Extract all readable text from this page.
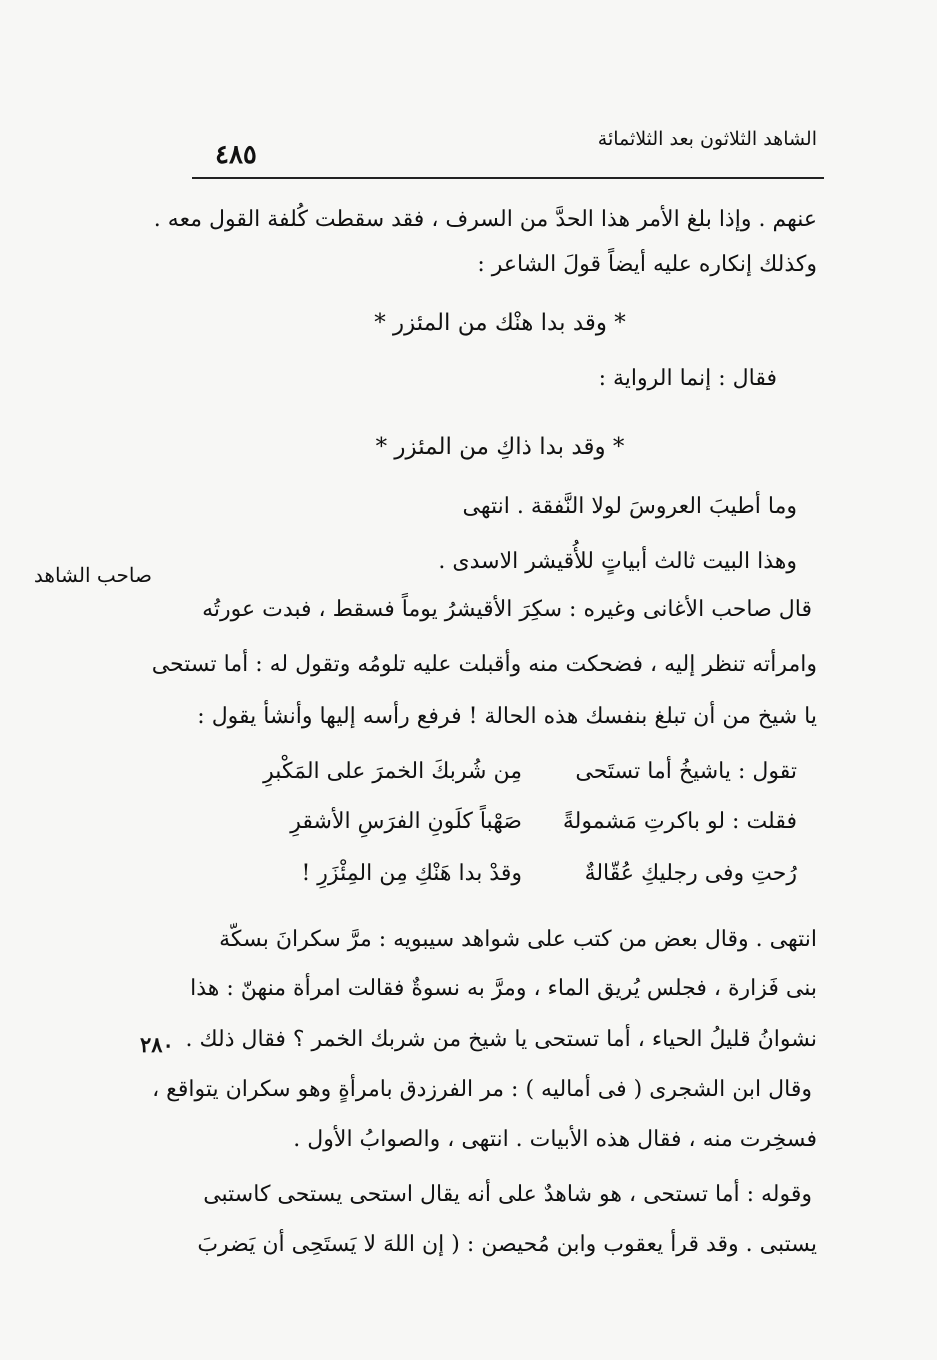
الشاهد الثلاثون بعد الثلاثمائة
٤٨٥
عنهم . وإذا بلغ الأمر هذا الحدَّ من السرف ، فقد سقطت كُلفة القول معه .
وكذلك إنكاره عليه أيضاً قولَ الشاعر :
* وقد بدا هنْك من المئزر *
فقال : إنما الرواية :
* وقد بدا ذاكِ من المئزر *
وما أطيبَ العروسَ لولا النَّفقة . انتهى
وهذا البيت ثالث أبياتٍ للأُقيشر الاسدى .
صاحب الشاهد
قال صاحب الأغانى وغيره : سكِرَ الأقيشرُ يوماً فسقط ، فبدت عورتُه
وامرأته تنظر إليه ، فضحكت منه وأقبلت عليه تلومُه وتقول له : أما تستحى
يا شيخ من أن تبلغ بنفسك هذه الحالة ! فرفع رأسه إليها وأنشأ يقول :
تقول : ياشيخُ أما تستَحى
مِن شُربكَ الخمرَ على المَكْبرِ
فقلت : لو باكرتِ مَشمولةً
صَهْباً كلَونِ الفرَسِ الأشقرِ
رُحتِ وفى رجليكِ عُقّالةٌ
وقدْ بدا هَنْكِ مِن المِئْزَرِ !
انتهى . وقال بعض من كتب على شواهد سيبويه : مرَّ سكرانَ بسكّة
بنى فَزارة ، فجلس يُريق الماء ، ومرَّ به نسوةٌ فقالت امرأة منهنّ : هذا
نشوانُ قليلُ الحياء ، أما تستحى يا شيخ من شربك الخمر ؟ فقال ذلك .
٢٨٠
وقال ابن الشجرى ( فى أماليه ) : مر الفرزدق بامرأةٍ وهو سكران يتواقع ،
فسخِرت منه ، فقال هذه الأبيات . انتهى ، والصوابُ الأول .
وقوله : أما تستحى ، هو شاهدٌ على أنه يقال استحى يستحى كاستبى
يستبى . وقد قرأ يعقوب وابن مُحيصن : ( إن اللهَ لا يَستَحِى أن يَضربَ
